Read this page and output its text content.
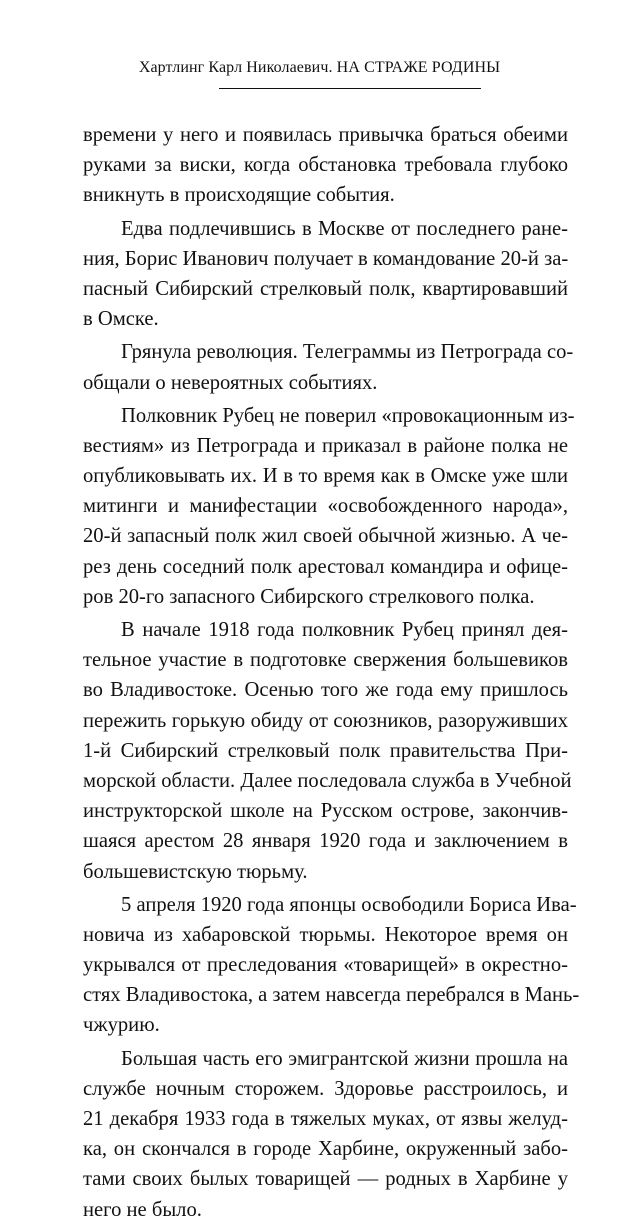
Хартлинг Карл Николаевич. НА СТРАЖЕ РОДИНЫ
времени у него и появилась привычка браться обеими
руками за виски, когда обстановка требовала глубоко
вникнуть в происходящие события.
Едва подлечившись в Москве от последнего ране-
ния, Борис Иванович получает в командование 20-й за-
пасный Сибирский стрелковый полк, квартировавший
в Омске.
Грянула революция. Телеграммы из Петрограда со-
общали о невероятных событиях.
Полковник Рубец не поверил «провокационным из-
вестиям» из Петрограда и приказал в районе полка не
опубликовывать их. И в то время как в Омске уже шли
митинги и манифестации «освобожденного народа»,
20-й запасный полк жил своей обычной жизнью. А че-
рез день соседний полк арестовал командира и офице-
ров 20-го запасного Сибирского стрелкового полка.
В начале 1918 года полковник Рубец принял дея-
тельное участие в подготовке свержения большевиков
во Владивостоке. Осенью того же года ему пришлось
пережить горькую обиду от союзников, разоруживших
1-й Сибирский стрелковый полк правительства При-
морской области. Далее последовала служба в Учебной
инструкторской школе на Русском острове, закончив-
шаяся арестом 28 января 1920 года и заключением в
большевистскую тюрьму.
5 апреля 1920 года японцы освободили Бориса Ива-
новича из хабаровской тюрьмы. Некоторое время он
укрывался от преследования «товарищей» в окрестно-
стях Владивостока, а затем навсегда перебрался в Мань-
чжурию.
Большая часть его эмигрантской жизни прошла на
службе ночным сторожем. Здоровье расстроилось, и
21 декабря 1933 года в тяжелых муках, от язвы желуд-
ка, он скончался в городе Харбине, окруженный забо-
тами своих былых товарищей — родных в Харбине у
него не было.
